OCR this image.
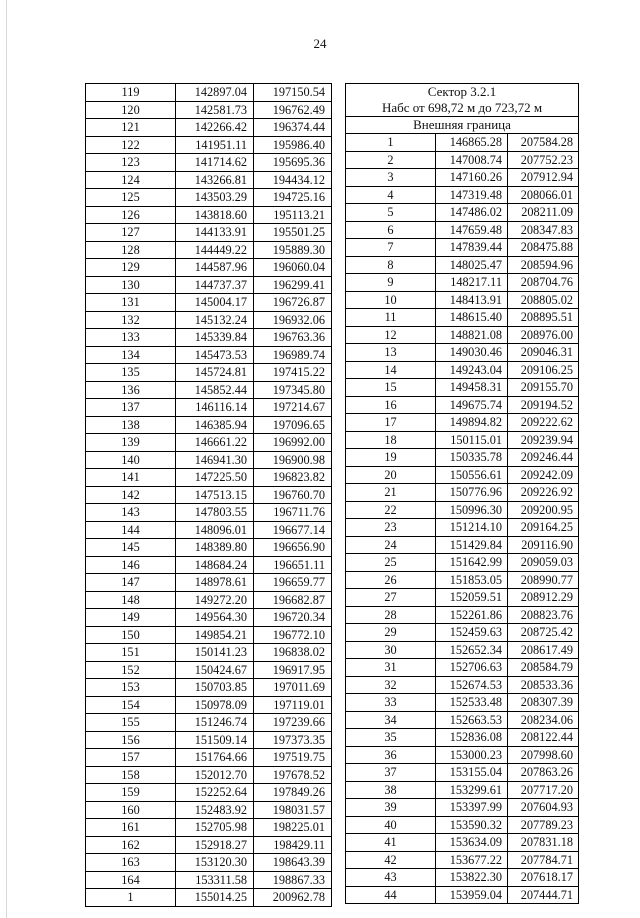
24
119	142897.04	197150.54
120	142581.73	196762.49
121	142266.42	196374.44
122	141951.11	195986.40
123	141714.62	195695.36
124	143266.81	194434.12
125	143503.29	194725.16
126	143818.60	195113.21
127	144133.91	195501.25
128	144449.22	195889.30
129	144587.96	196060.04
130	144737.37	196299.41
131	145004.17	196726.87
132	145132.24	196932.06
133	145339.84	196763.36
134	145473.53	196989.74
135	145724.81	197415.22
136	145852.44	197345.80
137	146116.14	197214.67
138	146385.94	197096.65
139	146661.22	196992.00
140	146941.30	196900.98
141	147225.50	196823.82
142	147513.15	196760.70
143	147803.55	196711.76
144	148096.01	196677.14
145	148389.80	196656.90
146	148684.24	196651.11
147	148978.61	196659.77
148	149272.20	196682.87
149	149564.30	196720.34
150	149854.21	196772.10
151	150141.23	196838.02
152	150424.67	196917.95
153	150703.85	197011.69
154	150978.09	197119.01
155	151246.74	197239.66
156	151509.14	197373.35
157	151764.66	197519.75
158	152012.70	197678.52
159	152252.64	197849.26
160	152483.92	198031.57
161	152705.98	198225.01
162	152918.27	198429.11
163	153120.30	198643.39
164	153311.58	198867.33
1	155014.25	200962.78
Сектор 3.2.1		
Набс от 698,72 м до 723,72 м		
Внешняя граница		
1	146865.28	207584.28
2	147008.74	207752.23
3	147160.26	207912.94
4	147319.48	208066.01
5	147486.02	208211.09
6	147659.48	208347.83
7	147839.44	208475.88
8	148025.47	208594.96
9	148217.11	208704.76
10	148413.91	208805.02
11	148615.40	208895.51
12	148821.08	208976.00
13	149030.46	209046.31
14	149243.04	209106.25
15	149458.31	209155.70
16	149675.74	209194.52
17	149894.82	209222.62
18	150115.01	209239.94
19	150335.78	209246.44
20	150556.61	209242.09
21	150776.96	209226.92
22	150996.30	209200.95
23	151214.10	209164.25
24	151429.84	209116.90
25	151642.99	209059.03
26	151853.05	208990.77
27	152059.51	208912.29
28	152261.86	208823.76
29	152459.63	208725.42
30	152652.34	208617.49
31	152706.63	208584.79
32	152674.53	208533.36
33	152533.48	208307.39
34	152663.53	208234.06
35	152836.08	208122.44
36	153000.23	207998.60
37	153155.04	207863.26
38	153299.61	207717.20
39	153397.99	207604.93
40	153590.32	207789.23
41	153634.09	207831.18
42	153677.22	207784.71
43	153822.30	207618.17
44	153959.04	207444.71
